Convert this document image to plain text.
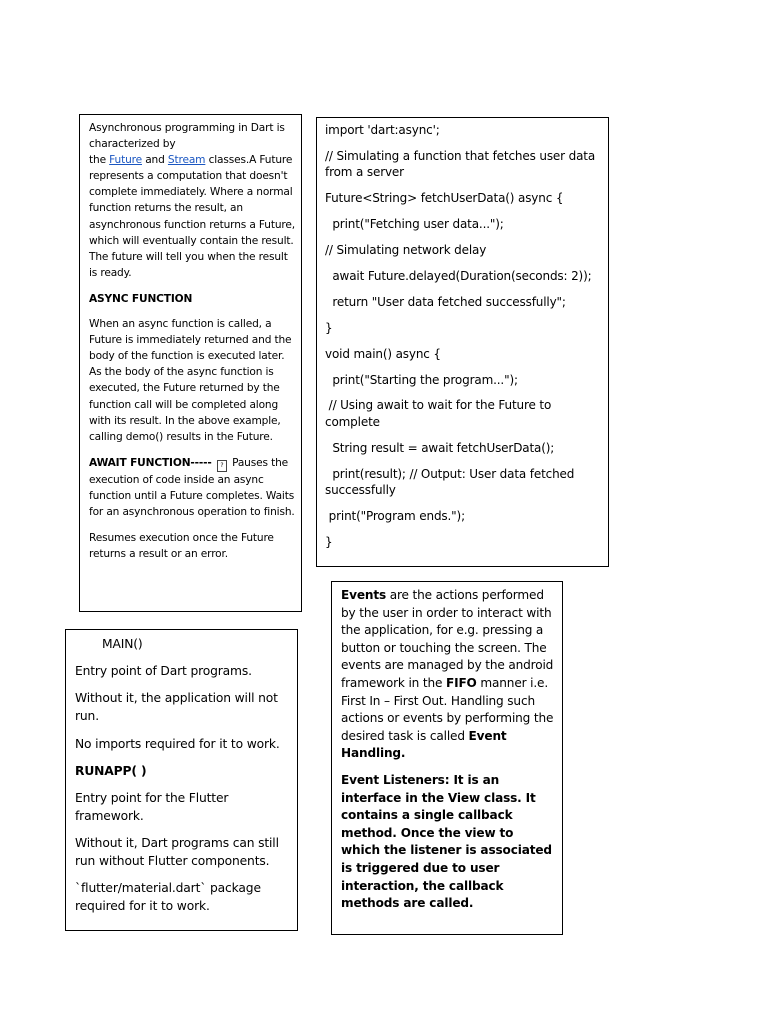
Asynchronous programming in Dart is characterized by
the Future and Stream classes.A Future represents a computation that doesn't complete immediately. Where a normal function returns the result, an asynchronous function returns a Future, which will eventually contain the result. The future will tell you when the result is ready.

ASYNC FUNCTION

When an async function is called, a Future is immediately returned and the body of the function is executed later. As the body of the async function is executed, the Future returned by the function call will be completed along with its result. In the above example, calling demo() results in the Future.

AWAIT FUNCTION----- ? Pauses the execution of code inside an async function until a Future completes. Waits for an asynchronous operation to finish.

Resumes execution once the Future returns a result or an error.

import 'dart:async';

// Simulating a function that fetches user data from a server

Future<String> fetchUserData() async {

print("Fetching user data...");

// Simulating network delay

await Future.delayed(Duration(seconds: 2));

return "User data fetched successfully";

}

void main() async {

print("Starting the program...");

// Using await to wait for the Future to complete

String result = await fetchUserData();

print(result); // Output: User data fetched successfully

print("Program ends.");

}

MAIN()

Entry point of Dart programs.

Without it, the application will not run.

No imports required for it to work.

RUNAPP( )

Entry point for the Flutter framework.

Without it, Dart programs can still run without Flutter components.

`flutter/material.dart` package required for it to work.

Events are the actions performed by the user in order to interact with the application, for e.g. pressing a button or touching the screen. The events are managed by the android framework in the FIFO manner i.e. First In – First Out. Handling such actions or events by performing the desired task is called Event Handling.

Event Listeners: It is an interface in the View class. It contains a single callback method. Once the view to which the listener is associated is triggered due to user interaction, the callback methods are called.
